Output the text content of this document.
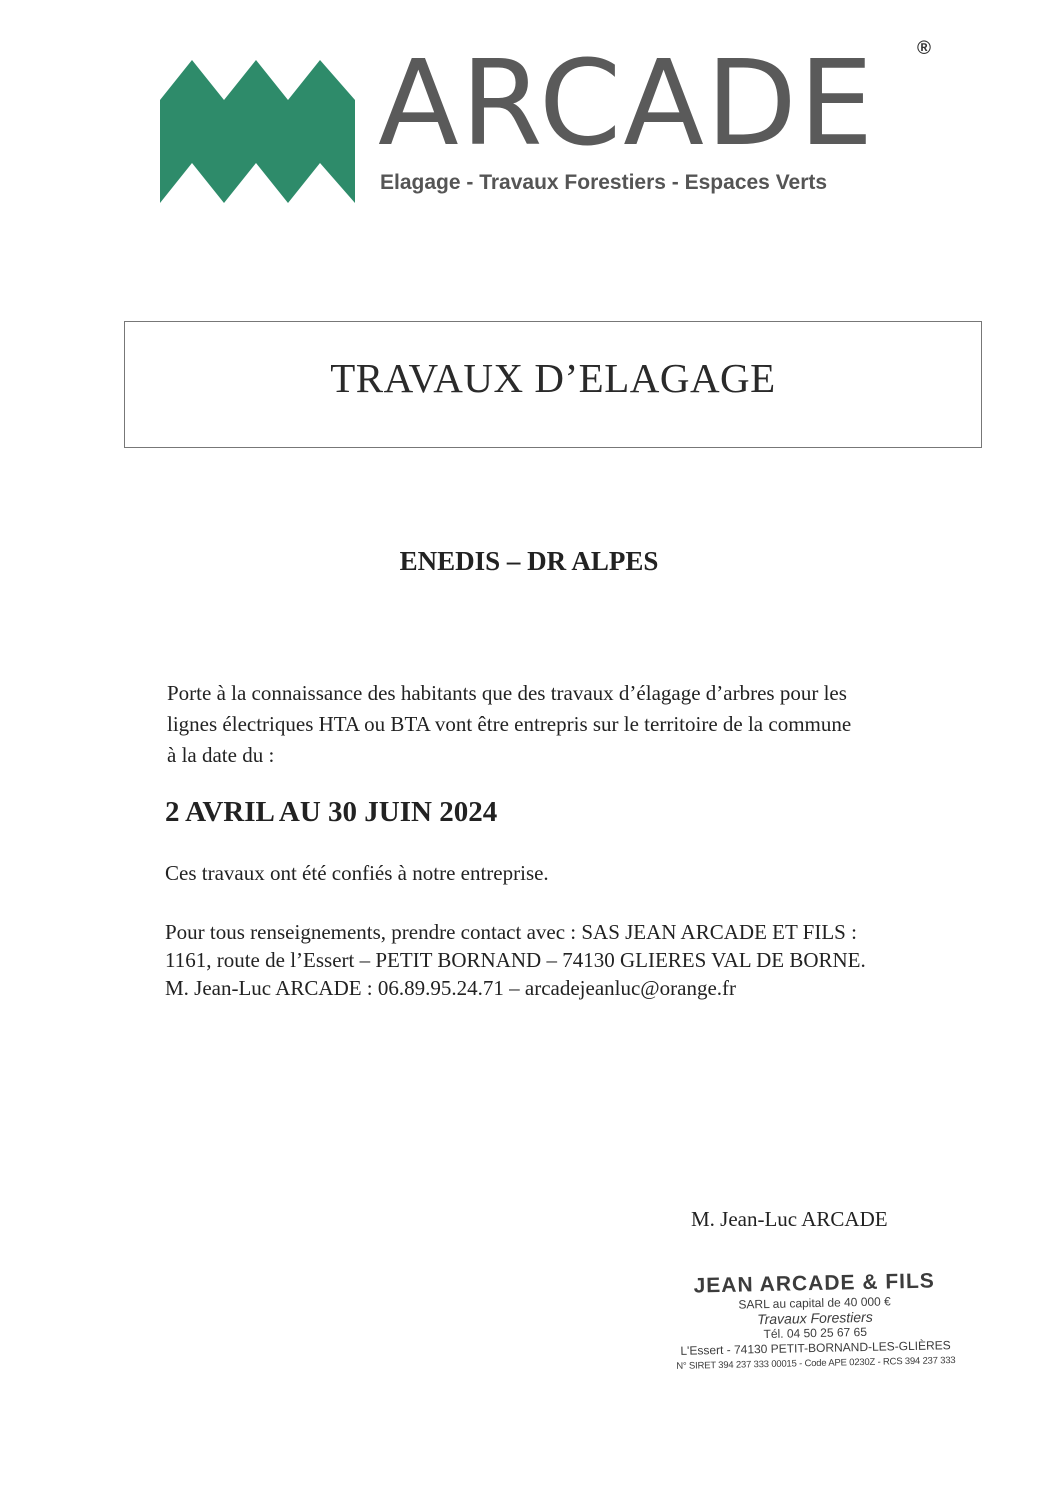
ARCADE ®
Elagage - Travaux Forestiers - Espaces Verts
TRAVAUX D’ELAGAGE
ENEDIS – DR ALPES
Porte à la connaissance des habitants que des travaux d’élagage d’arbres pour les
lignes électriques HTA ou BTA vont être entrepris sur le territoire de la commune
à la date du :
2 AVRIL AU 30 JUIN 2024
Ces travaux ont été confiés à notre entreprise.
Pour tous renseignements, prendre contact avec : SAS JEAN ARCADE ET FILS :
1161, route de l’Essert – PETIT BORNAND – 74130 GLIERES VAL DE BORNE.
M. Jean-Luc ARCADE : 06.89.95.24.71 – arcadejeanluc@orange.fr
M. Jean-Luc ARCADE
JEAN ARCADE & FILS
SARL au capital de 40 000 €
Travaux Forestiers
Tél. 04 50 25 67 65
L'Essert - 74130 PETIT-BORNAND-LES-GLIÈRES
N° SIRET 394 237 333 00015 - Code APE 0230Z - RCS 394 237 333
